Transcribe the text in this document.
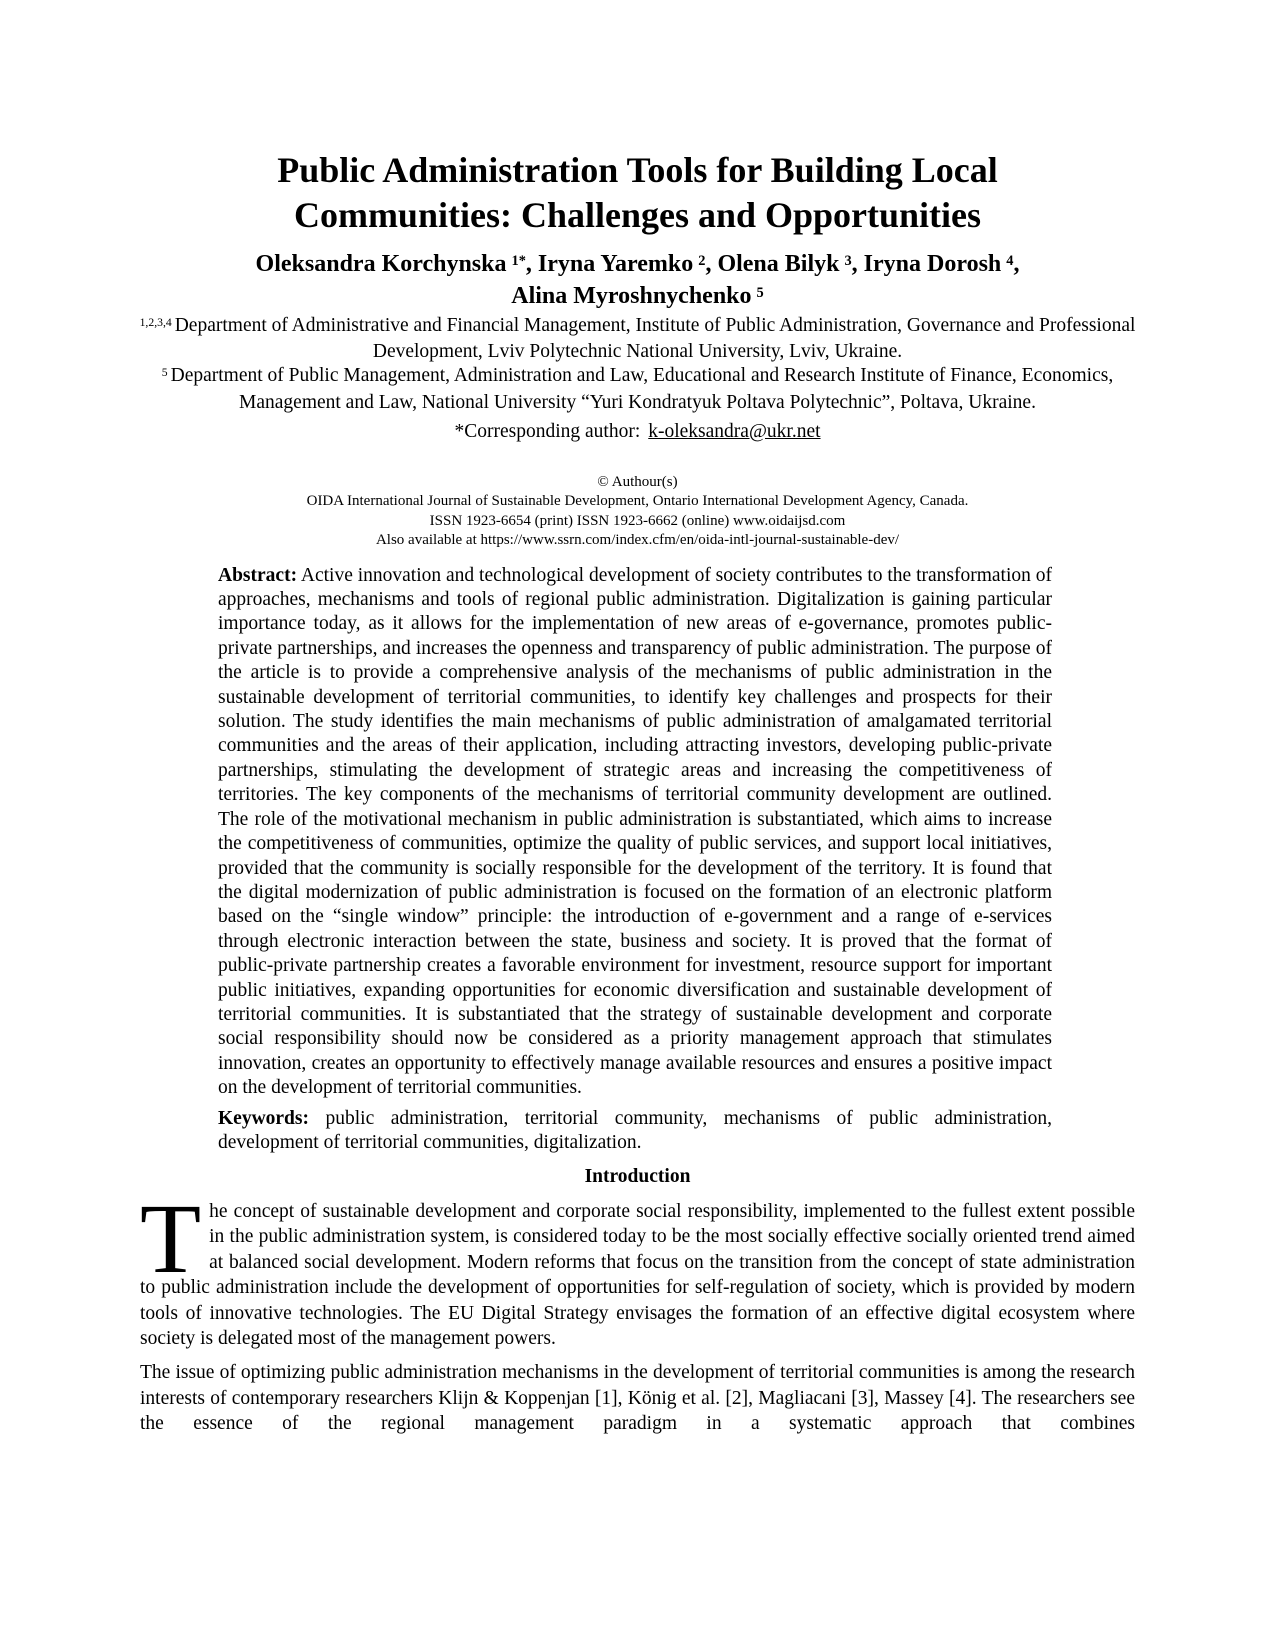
Public Administration Tools for Building Local
Communities: Challenges and Opportunities
Oleksandra Korchynska $^{1*}$, Iryna Yaremko $^2$, Olena Bilyk $^3$, Iryna Dorosh $^4$,
Alina Myroshnychenko $^5$
$^{1,2,3,4}$ Department of Administrative and Financial Management, Institute of Public Administration, Governance and Professional Development, Lviv Polytechnic National University, Lviv, Ukraine.
$^5$ Department of Public Management, Administration and Law, Educational and Research Institute of Finance, Economics, Management and Law, National University “Yuri Kondratyuk Poltava Polytechnic”, Poltava, Ukraine.
*Corresponding author: k-oleksandra@ukr.net
© Authour(s)
OIDA International Journal of Sustainable Development, Ontario International Development Agency, Canada.
ISSN 1923-6654 (print) ISSN 1923-6662 (online) www.oidaijsd.com
Also available at https://www.ssrn.com/index.cfm/en/oida-intl-journal-sustainable-dev/

Abstract: Active innovation and technological development of society contributes to the transformation of approaches, mechanisms and tools of regional public administration. Digitalization is gaining particular importance today, as it allows for the implementation of new areas of e-governance, promotes public-private partnerships, and increases the openness and transparency of public administration. The purpose of the article is to provide a comprehensive analysis of the mechanisms of public administration in the sustainable development of territorial communities, to identify key challenges and prospects for their solution. The study identifies the main mechanisms of public administration of amalgamated territorial communities and the areas of their application, including attracting investors, developing public-private partnerships, stimulating the development of strategic areas and increasing the competitiveness of territories. The key components of the mechanisms of territorial community development are outlined. The role of the motivational mechanism in public administration is substantiated, which aims to increase the competitiveness of communities, optimize the quality of public services, and support local initiatives, provided that the community is socially responsible for the development of the territory. It is found that the digital modernization of public administration is focused on the formation of an electronic platform based on the “single window” principle: the introduction of e-government and a range of e-services through electronic interaction between the state, business and society. It is proved that the format of public-private partnership creates a favorable environment for investment, resource support for important public initiatives, expanding opportunities for economic diversification and sustainable development of territorial communities. It is substantiated that the strategy of sustainable development and corporate social responsibility should now be considered as a priority management approach that stimulates innovation, creates an opportunity to effectively manage available resources and ensures a positive impact on the development of territorial communities.

Keywords: public administration, territorial community, mechanisms of public administration, development of territorial communities, digitalization.

Introduction

The concept of sustainable development and corporate social responsibility, implemented to the fullest extent possible in the public administration system, is considered today to be the most socially effective socially oriented trend aimed at balanced social development. Modern reforms that focus on the transition from the concept of state administration to public administration include the development of opportunities for self-regulation of society, which is provided by modern tools of innovative technologies. The EU Digital Strategy envisages the formation of an effective digital ecosystem where society is delegated most of the management powers.

The issue of optimizing public administration mechanisms in the development of territorial communities is among the research interests of contemporary researchers Klijn & Koppenjan [1], König et al. [2], Magliacani [3], Massey [4]. The researchers see the essence of the regional management paradigm in a systematic approach that combines
